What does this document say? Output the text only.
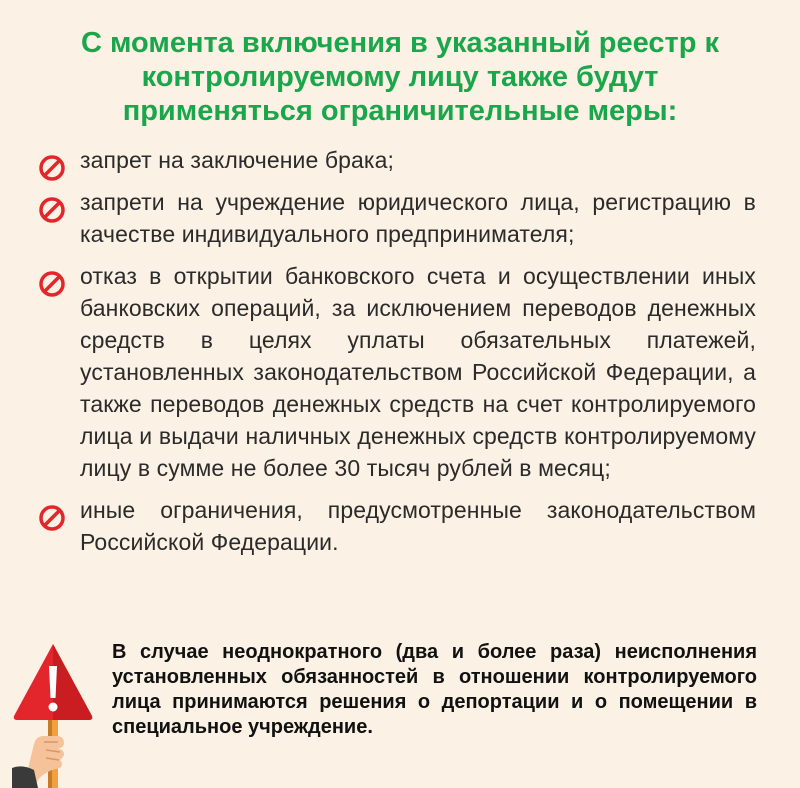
С момента включения в указанный реестр к контролируемому лицу также будут применяться ограничительные меры:
запрет на заключение брака;
запрети на учреждение юридического лица, регистрацию в качестве индивидуального предпринимателя;
отказ в открытии банковского счета и осуществлении иных банковских операций, за исключением переводов денежных средств в целях уплаты обязательных платежей, установленных законодательством Российской Федерации, а также переводов денежных средств на счет контролируемого лица и выдачи наличных денежных средств контролируемому лицу в сумме не более 30 тысяч рублей в месяц;
иные ограничения, предусмотренные законодательством Российской Федерации.
В случае неоднократного (два и более раза) неисполнения установленных обязанностей в отношении контролируемого лица принимаются решения о депортации и о помещении в специальное учреждение.
